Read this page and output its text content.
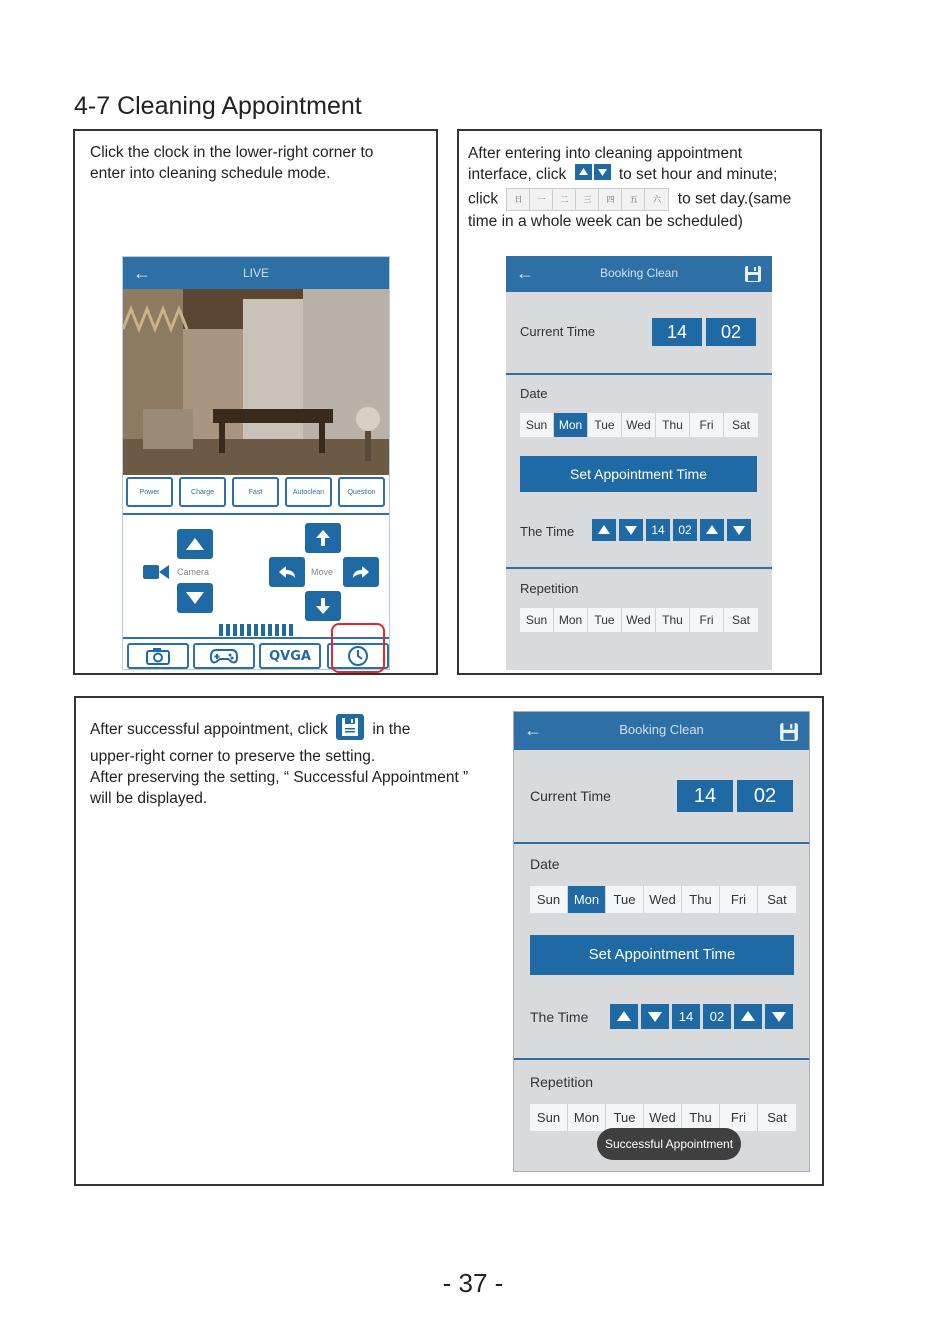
4-7 Cleaning Appointment
Click the clock in the lower-right corner to
enter into cleaning schedule mode.
←	LIVE
Power	Charge	Fast	Autoclean	Question
Camera	Move
QVGA
After entering into cleaning appointment
interface, click	to set hour and minute;
click	日	一	二	三	四	五	六	to set day.(same
time in a whole week can be scheduled)
←	Booking Clean
Current Time	14	02
Date
Sun Mon	Tue Wed Thu	Fri	Sat
Set Appointment Time
The Time	14	02
Repetition
Sun Mon	Tue Wed Thu	Fri	Sat
After successful appointment, click	in the
upper-right corner to preserve the setting.
After preserving the setting, “ Successful Appointment ”
will be displayed.
←	Booking Clean
Current Time	14	02
Date
Sun	Mon	Tue	Wed	Thu	Fri	Sat
Set Appointment Time
The Time	14	02
Repetition
Sun	Mon	Tue	Wed	Thu	Fri	Sat
Successful Appointment
- 37 -
